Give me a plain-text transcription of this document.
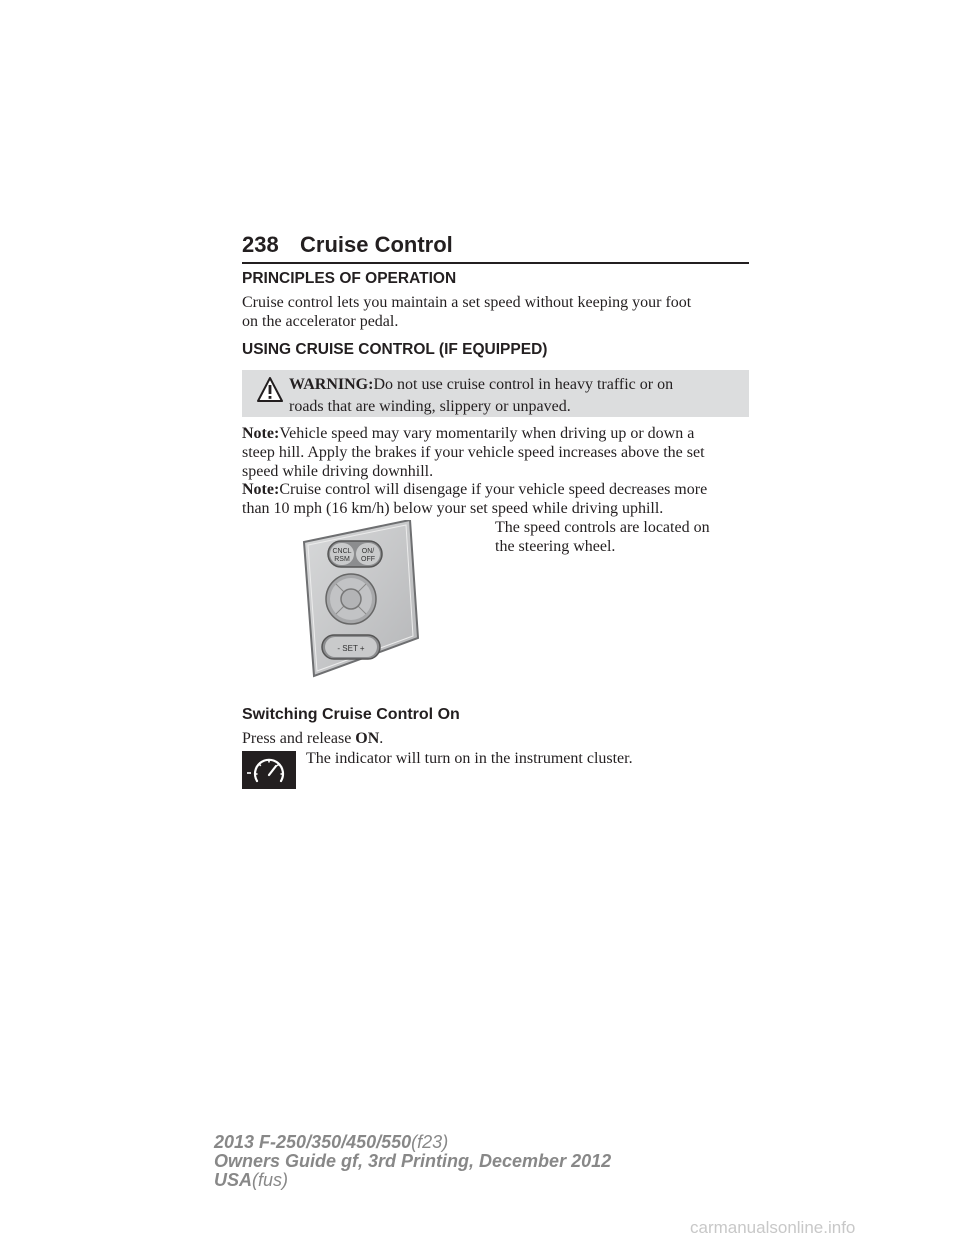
238 Cruise Control
PRINCIPLES OF OPERATION
Cruise control lets you maintain a set speed without keeping your foot
on the accelerator pedal.
USING CRUISE CONTROL (IF EQUIPPED)
WARNING:Do not use cruise control in heavy traffic or on
roads that are winding, slippery or unpaved.
Note:Vehicle speed may vary momentarily when driving up or down a
steep hill. Apply the brakes if your vehicle speed increases above the set
speed while driving downhill.
Note:Cruise control will disengage if your vehicle speed decreases more
than 10 mph (16 km/h) below your set speed while driving uphill.
CNCL
RSM
ON/
OFF
- SET +
The speed controls are located on
the steering wheel.
Switching Cruise Control On
Press and release ON.
The indicator will turn on in the instrument cluster.
2013 F-250/350/450/550(f23)
Owners Guide gf, 3rd Printing, December 2012
USA(fus)
carmanualsonline.info
